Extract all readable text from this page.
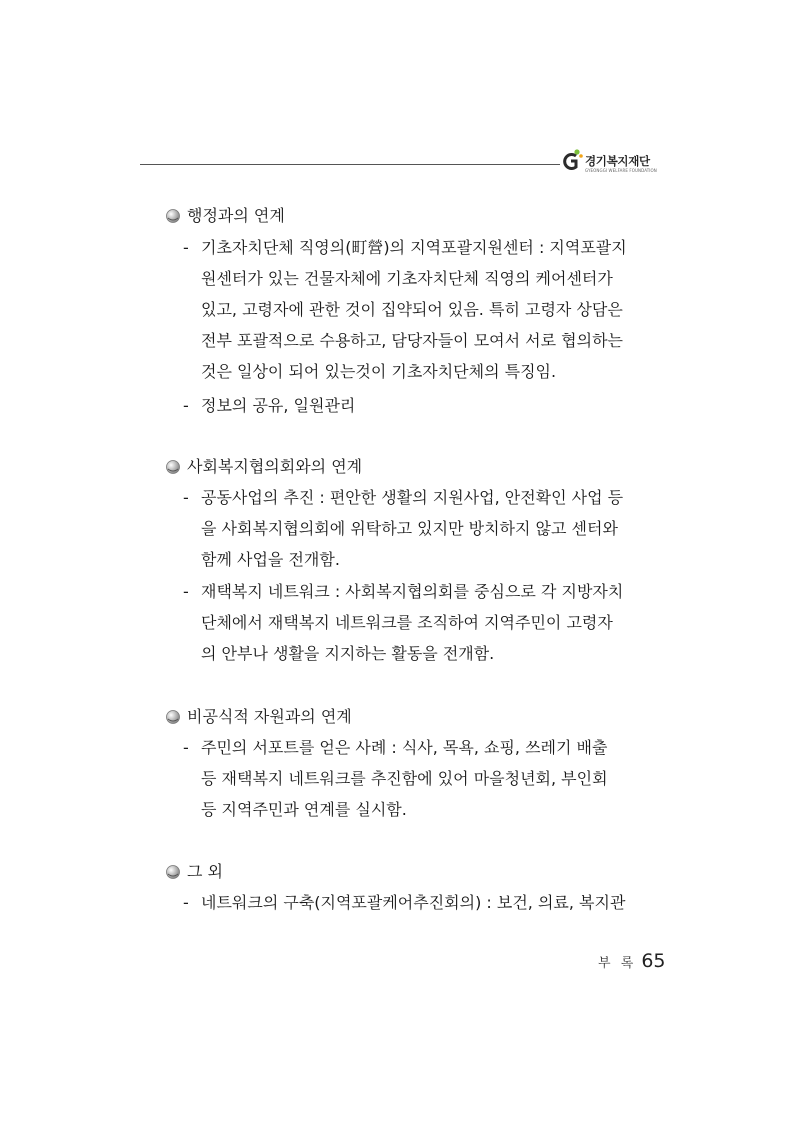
경기복지재단
GYEONGGI WELFARE FOUNDATION
행정과의 연계
- 기초자치단체 직영의(町營)의 지역포괄지원센터 : 지역포괄지
원센터가 있는 건물자체에 기초자치단체 직영의 케어센터가
있고, 고령자에 관한 것이 집약되어 있음. 특히 고령자 상담은
전부 포괄적으로 수용하고, 담당자들이 모여서 서로 협의하는
것은 일상이 되어 있는것이 기초자치단체의 특징임.
- 정보의 공유, 일원관리
사회복지협의회와의 연계
- 공동사업의 추진 : 편안한 생활의 지원사업, 안전확인 사업 등
을 사회복지협의회에 위탁하고 있지만 방치하지 않고 센터와
함께 사업을 전개함.
- 재택복지 네트워크 : 사회복지협의회를 중심으로 각 지방자치
단체에서 재택복지 네트워크를 조직하여 지역주민이 고령자
의 안부나 생활을 지지하는 활동을 전개함.
비공식적 자원과의 연계
- 주민의 서포트를 얻은 사례 : 식사, 목욕, 쇼핑, 쓰레기 배출
등 재택복지 네트워크를 추진함에 있어 마을청년회, 부인회
등 지역주민과 연계를 실시함.
그 외
- 네트워크의 구축(지역포괄케어추진회의) : 보건, 의료, 복지관
부 록 65
